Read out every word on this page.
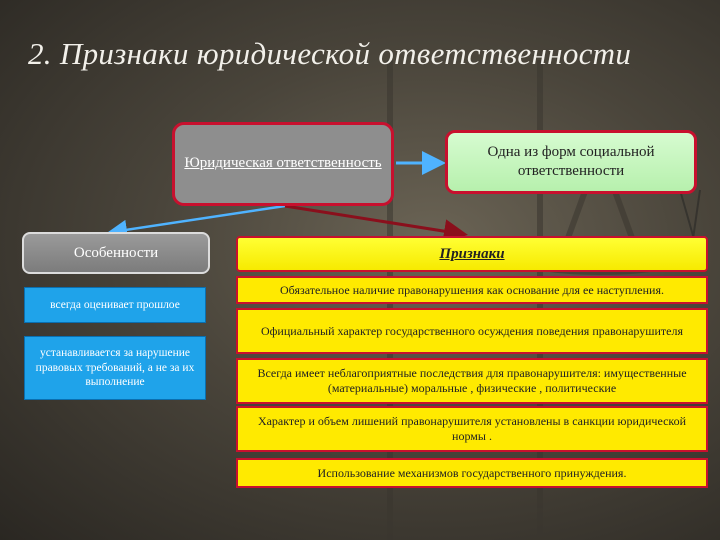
2. Признаки юридической ответственности
Юридическая ответственность
Одна из форм социальной ответственности
Особенности
всегда оценивает прошлое
устанавливается за нарушение правовых требований, а не за их выполнение
Признаки
Обязательное наличие правонарушения как основание для ее наступления.
Официальный характер государственного осуждения поведения правонарушителя
Всегда имеет неблагоприятные последствия для правонарушителя: имущественные (материальные) моральные , физические , политические
Характер и объем лишений правонарушителя установлены в санкции юридической нормы .
Использование механизмов государственного принуждения.
